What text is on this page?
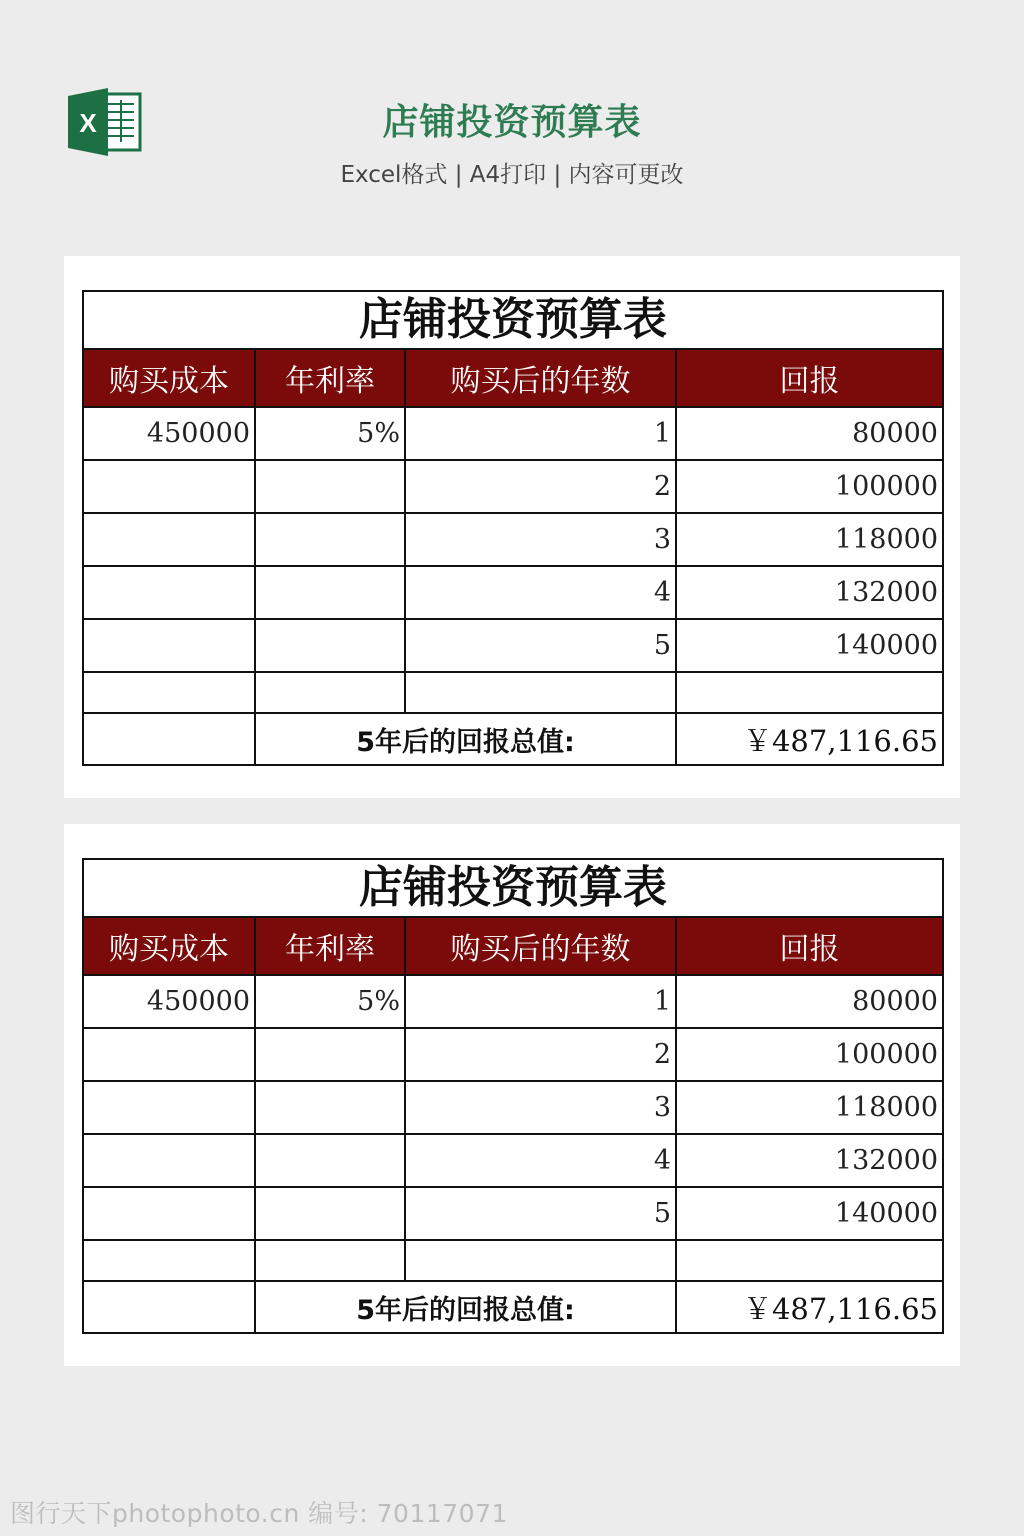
X	店铺投资预算表
Excel格式 | A4打印 | 内容可更改
店铺投资预算表			
购买成本	年利率	购买后的年数	回报
450000	5%	1	80000
		2	100000
		3	118000
		4	132000
		5	140000

	5年后的回报总值:		￥487,116.65
店铺投资预算表			
购买成本	年利率	购买后的年数	回报
450000	5%	1	80000
		2	100000
		3	118000
		4	132000
		5	140000

	5年后的回报总值:		￥487,116.65
图行天下photophoto.cn 编号: 70117071
